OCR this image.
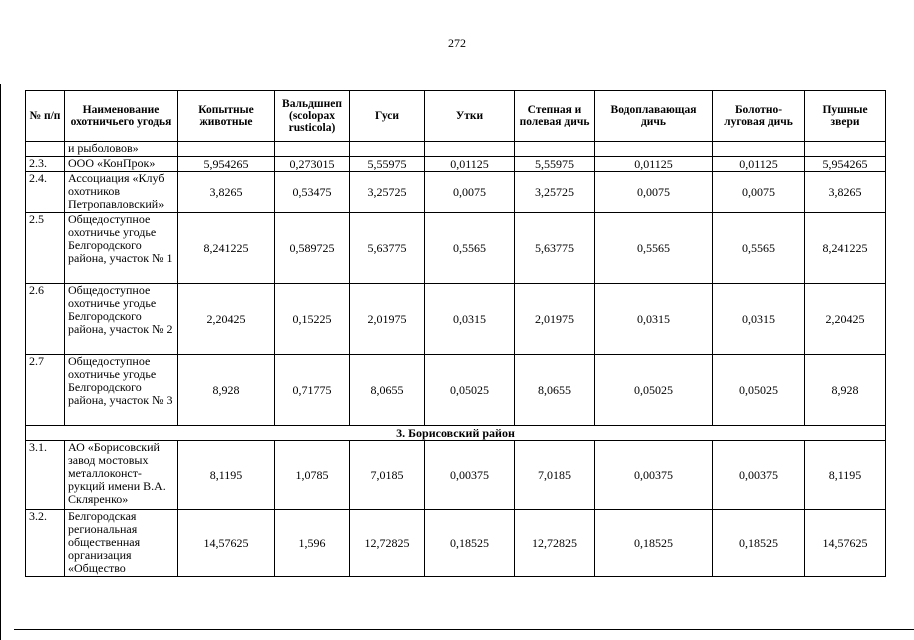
272
№ п/п	Наименование охотничьего угодья	Копытные животные	Вальдшнеп (scolopax rusticola)	Гуси	Утки	Степная и полевая дичь	Водоплавающая дичь	Болотно-луговая дичь	Пушные звери
	и рыболовов»								
2.3.	ООО «КонПрок»	5,954265	0,273015	5,55975	0,01125	5,55975	0,01125	0,01125	5,954265
2.4.	Ассоциация «Клуб охотников Петропавловский»	3,8265	0,53475	3,25725	0,0075	3,25725	0,0075	0,0075	3,8265
2.5	Общедоступное охотничье угодье Белгородского района, участок № 1	8,241225	0,589725	5,63775	0,5565	5,63775	0,5565	0,5565	8,241225
2.6	Общедоступное охотничье угодье Белгородского района, участок № 2	2,20425	0,15225	2,01975	0,0315	2,01975	0,0315	0,0315	2,20425
2.7	Общедоступное охотничье угодье Белгородского района, участок № 3	8,928	0,71775	8,0655	0,05025	8,0655	0,05025	0,05025	8,928
3. Борисовский район									
3.1.	АО «Борисовский завод мостовых металлоконст-рукций имени В.А. Скляренко»	8,1195	1,0785	7,0185	0,00375	7,0185	0,00375	0,00375	8,1195
3.2.	Белгородская региональная общественная организация «Общество	14,57625	1,596	12,72825	0,18525	12,72825	0,18525	0,18525	14,57625
